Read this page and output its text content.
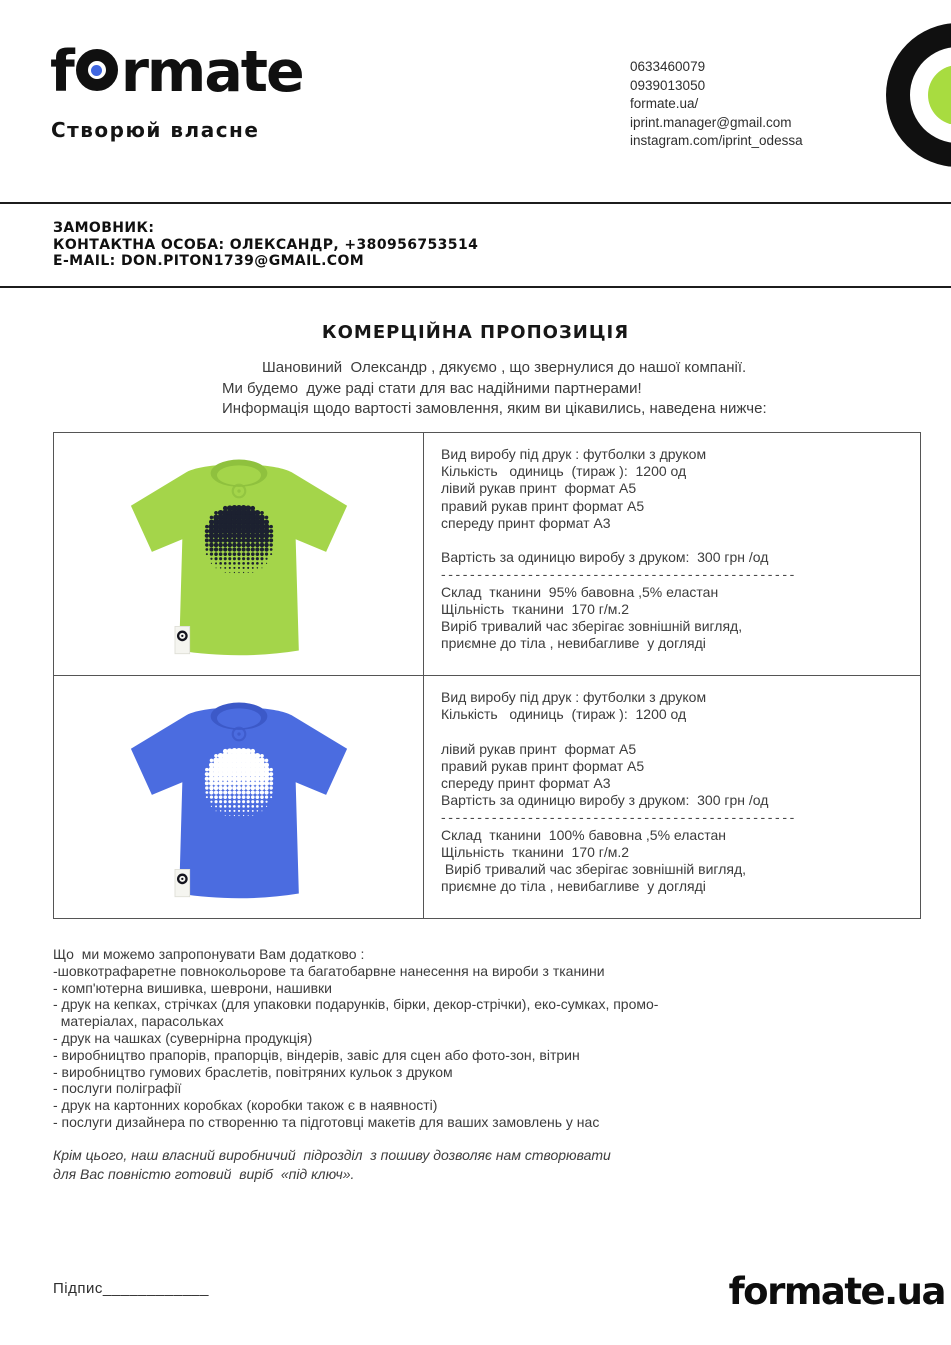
f rmate
Створюй власне
0633460079
0939013050
formate.ua/
iprint.manager@gmail.com
instagram.com/iprint_odessa
ЗАМОВНИК:
КОНТАКТНА ОСОБА: ОЛЕКСАНДР, +380956753514
E-MAIL: DON.PITON1739@GMAIL.COM
КОМЕРЦІЙНА ПРОПОЗИЦІЯ
Шановиний  Олександр , дякуємо , що звернулися до нашої компанії.
Ми будемо  дуже раді стати для вас надійними партнерами!
Информація щодо вартості замовлення, яким ви цікавились, наведена нижче:
Вид виробу під друк : футболки з друком
Кількість   одиниць  (тираж ):  1200 од
лівий рукав принт  формат А5
правий рукав принт формат А5
спереду принт формат А3
Вартість за одиницю виробу з друком:  300 грн /од
-------------------------------------------------
Склад  тканини  95% бавовна ,5% еластан
Щільність  тканини  170 г/м.2
Виріб тривалий час зберігає зовнішній вигляд,
приємне до тіла , невибагливе  у догляді
Вид виробу під друк : футболки з друком
Кількість   одиниць  (тираж ):  1200 од
лівий рукав принт  формат А5
правий рукав принт формат А5
спереду принт формат А3
Вартість за одиницю виробу з друком:  300 грн /од
-------------------------------------------------
Склад  тканини  100% бавовна ,5% еластан
Щільність  тканини  170 г/м.2
Виріб тривалий час зберігає зовнішній вигляд,
приємне до тіла , невибагливе  у догляді
Що  ми можемо запропонувати Вам додатково :
-шовкотрафаретне повнокольорове та багатобарвне нанесення на вироби з тканини
- комп'ютерна вишивка, шеврони, нашивки
- друк на кепках, стрічках (для упаковки подарунків, бірки, декор-стрічки), еко-сумках, промо-
матеріалах, парасольках
- друк на чашках (сувернірна продукція)
- виробництво прапорів, прапорців, віндерів, завіс для сцен або фото-зон, вітрин
- виробництво гумових браслетів, повітряних кульок з друком
- послуги поліграфії
- друк на картонних коробках (коробки також є в наявності)
- послуги дизайнера по створенню та підготовці макетів для ваших замовлень у нас
Крім цього, наш власний виробничий  підрозділ  з пошиву дозволяє нам створювати
для Вас повністю готовий  виріб  «під ключ».
Підпис____________	formate.ua
